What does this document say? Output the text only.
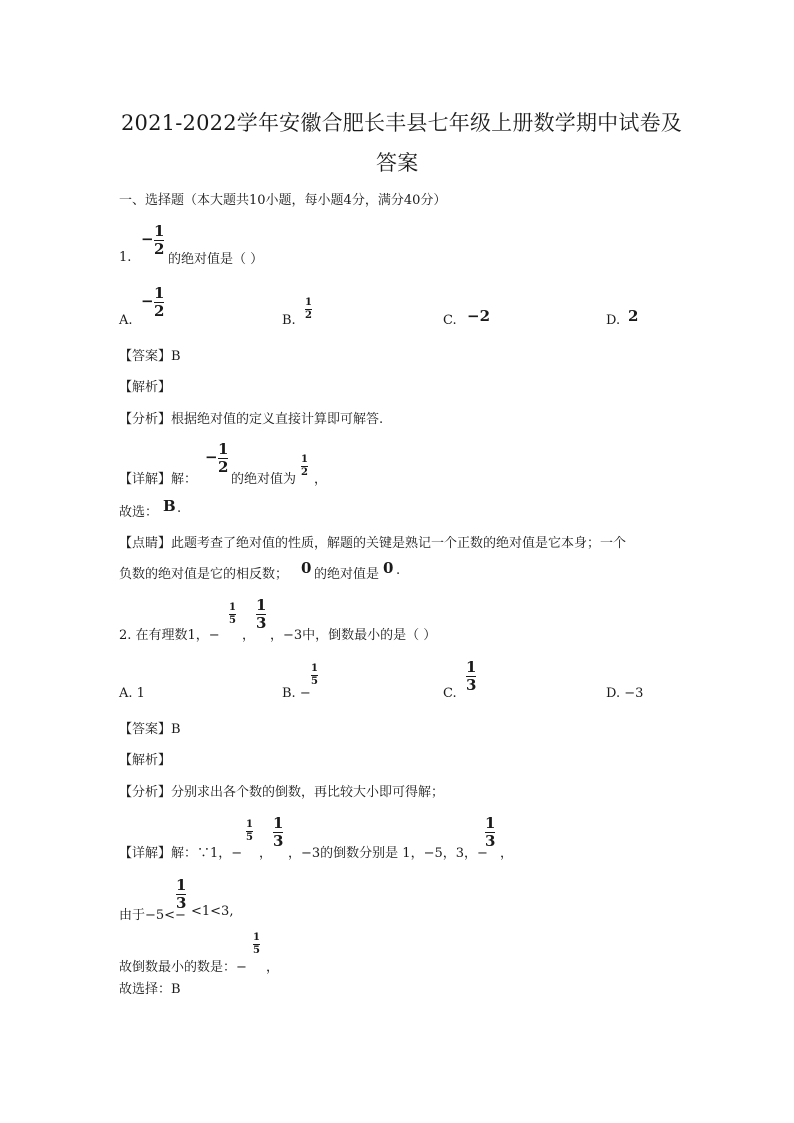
2021-2022学年安徽合肥长丰县七年级上册数学期中试卷及
答案
一、选择题（本大题共10小题，每小题4分，满分40分）
1.
− 1
2
的绝对值是（ ）
A.
− 1
2
B.
1
2	C. −2	D. 2
【答案】B
【解析】
【分析】根据绝对值的定义直接计算即可解答.
【详解】解：
− 1
2
的绝对值为
1
2 ，
故选： B .
【点睛】此题考查了绝对值的性质，解题的关键是熟记一个正数的绝对值是它本身；一个
负数的绝对值是它的相反数； 0 的绝对值是 0 .
2. 在有理数1，−
1
5
，
1
3
，−3中，倒数最小的是（ ）
A. 1	B. −
1
5
C.
1
3	D. −3
【答案】B
【解析】
【分析】分别求出各个数的倒数，再比较大小即可得解；
【详解】解：∵1，−
1
5
，
1
3
，−3的倒数分别是 1，−5，3，−
1
3
，
由于−5<−
1
3 <1<3,
故倒数最小的数是：−
1
5
，
故选择：B
